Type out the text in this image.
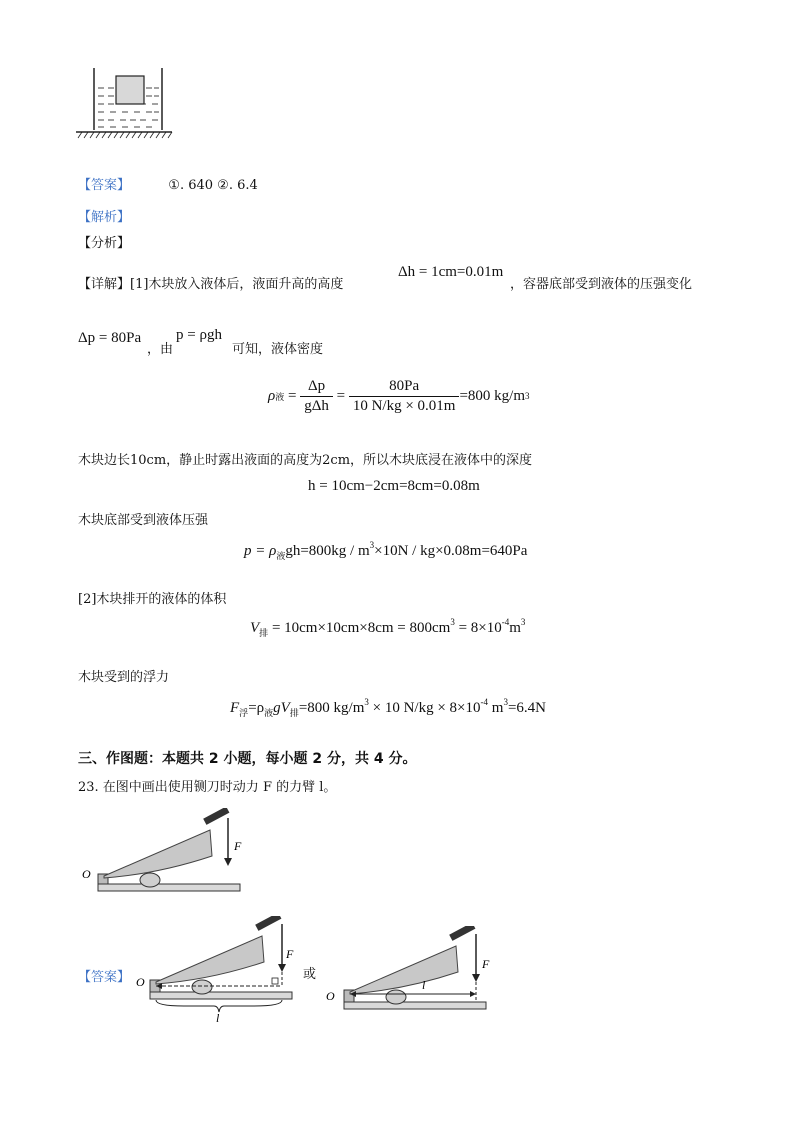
【答案】	①. 640 ②. 6.4
【解析】
【分析】
【详解】[1]木块放入液体后，液面升高的高度
Δh = 1cm=0.01m
，容器底部受到液体的压强变化
Δp = 80Pa
，由
p = ρgh
可知，液体密度
ρ 液 = $\frac{\Delta p}{\text{gΔh}} = \frac{80Pa}{10 N/kg \times 0.01m} =800$ kg/m 3
木块边长10cm，静止时露出液面的高度为2cm，所以木块底浸在液体中的深度
h = 10cm−2cm=8cm=0.08m
木块底部受到液体压强
$p = \rho_液gh=800kg / m^3\times 10N / kg\times 0.08m=640Pa$
[2]木块排开的液体的体积
$V_排 = 10cm\times 10cm\times 8cm = 800cm^3 = 8\times 10^{-4}m^3$
木块受到的浮力
$F_浮=\rho_液gV_排=800$ $kg/m^3 \times 10$ $N/kg \times 8\times 10^{-4}$ $m^3=6.4N$
三、作图题：本题共 2 小题，每小题 2 分，共 4 分。
23. 在图中画出使用铡刀时动力 F 的力臂 l。
F
O
【答案】
F
O
l
或
F
O
l
